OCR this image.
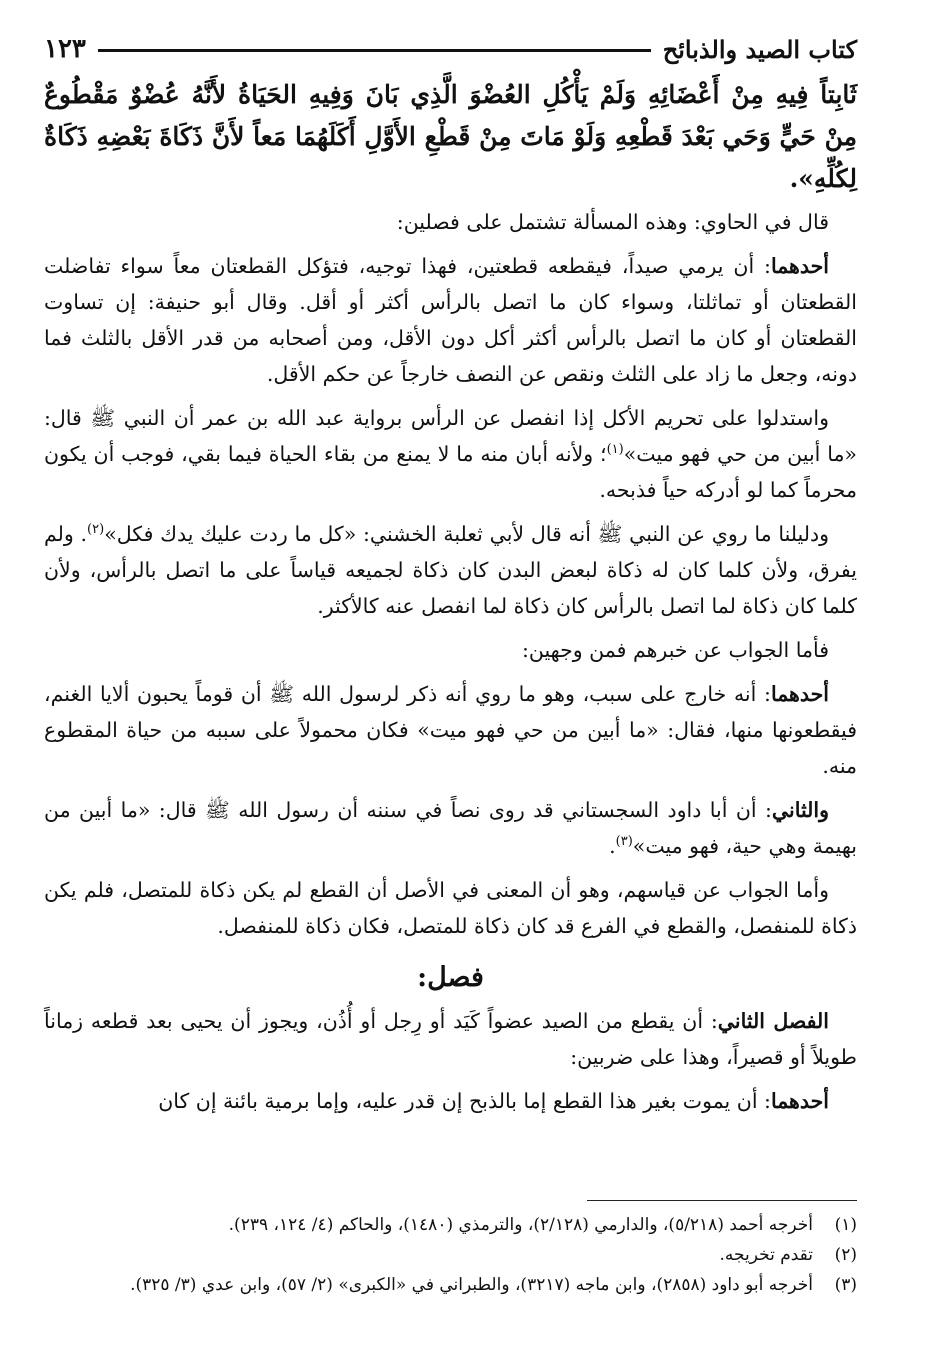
كتاب الصيد والذبائح
١٢٣

ثَابِتاً فِيهِ مِنْ أَعْضَائِهِ وَلَمْ يَأْكُلِ العُضْوَ الَّذِي بَانَ وَفِيهِ الحَيَاةُ لأَنَّهُ عُضْوٌ مَقْطُوعٌ مِنْ حَيٍّ وَحَي بَعْدَ قَطْعِهِ وَلَوْ مَاتَ مِنْ قَطْعِ الأَوَّلِ أَكَلَهُمَا مَعاً لأَنَّ ذَكَاةَ بَعْضِهِ ذَكَاةٌ لِكُلِّهِ».

قال في الحاوي: وهذه المسألة تشتمل على فصلين:

أحدهما: أن يرمي صيداً، فيقطعه قطعتين، فهذا توجيه، فتؤكل القطعتان معاً سواء تفاضلت القطعتان أو تماثلتا، وسواء كان ما اتصل بالرأس أكثر أو أقل. وقال أبو حنيفة: إن تساوت القطعتان أو كان ما اتصل بالرأس أكثر أكل دون الأقل، ومن أصحابه من قدر الأقل بالثلث فما دونه، وجعل ما زاد على الثلث ونقص عن النصف خارجاً عن حكم الأقل.

واستدلوا على تحريم الأكل إذا انفصل عن الرأس برواية عبد الله بن عمر أن النبي ﷺ قال: «ما أبين من حي فهو ميت»$^{(١)}$؛ ولأنه أبان منه ما لا يمنع من بقاء الحياة فيما بقي، فوجب أن يكون محرماً كما لو أدركه حياً فذبحه.

ودليلنا ما روي عن النبي ﷺ أنه قال لأبي ثعلبة الخشني: «كل ما ردت عليك يدك فكل»$^{(٢)}$. ولم يفرق، ولأن كلما كان له ذكاة لبعض البدن كان ذكاة لجميعه قياساً على ما اتصل بالرأس، ولأن كلما كان ذكاة لما اتصل بالرأس كان ذكاة لما انفصل عنه كالأكثر.

فأما الجواب عن خبرهم فمن وجهين:

أحدهما: أنه خارج على سبب، وهو ما روي أنه ذكر لرسول الله ﷺ أن قوماً يحبون ألايا الغنم، فيقطعونها منها، فقال: «ما أبين من حي فهو ميت» فكان محمولاً على سببه من حياة المقطوع منه.

والثاني: أن أبا داود السجستاني قد روى نصاً في سننه أن رسول الله ﷺ قال: «ما أبين من بهيمة وهي حية، فهو ميت»$^{(٣)}$.

وأما الجواب عن قياسهم، وهو أن المعنى في الأصل أن القطع لم يكن ذكاة للمتصل، فلم يكن ذكاة للمنفصل، والقطع في الفرع قد كان ذكاة للمتصل، فكان ذكاة للمنفصل.

فصل:

الفصل الثاني: أن يقطع من الصيد عضواً كَيَد أو رِجل أو أُذُن، ويجوز أن يحيى بعد قطعه زماناً طويلاً أو قصيراً، وهذا على ضربين:

أحدهما: أن يموت بغير هذا القطع إما بالذبح إن قدر عليه، وإما برمية بائنة إن كان

(١)
أخرجه أحمد (٥/٢١٨)، والدارمي (٢/١٢٨)، والترمذي (١٤٨٠)، والحاكم (٤/ ١٢٤، ٢٣٩).
(٢)
تقدم تخريجه.
(٣)
أخرجه أبو داود (٢٨٥٨)، وابن ماجه (٣٢١٧)، والطبراني في «الكبرى» (٢/ ٥٧)، وابن عدي (٣/ ٣٢٥).
